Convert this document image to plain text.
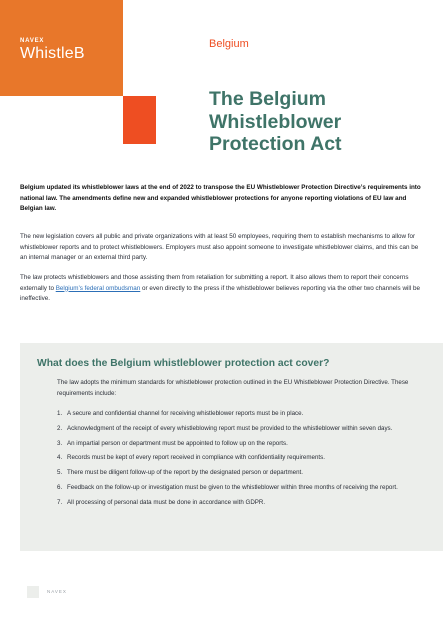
NAVEX
WhistleB
Belgium
The Belgium Whistleblower Protection Act

Belgium updated its whistleblower laws at the end of 2022 to transpose the EU Whistleblower Protection Directive’s requirements into national law. The amendments define new and expanded whistleblower protections for anyone reporting violations of EU law and Belgian law.

The new legislation covers all public and private organizations with at least 50 employees, requiring them to establish mechanisms to allow for whistleblower reports and to protect whistleblowers. Employers must also appoint someone to investigate whistleblower claims, and this can be an internal manager or an external third party.

The law protects whistleblowers and those assisting them from retaliation for submitting a report. It also allows them to report their concerns externally to Belgium’s federal ombudsman or even directly to the press if the whistleblower believes reporting via the other two channels will be ineffective.

What does the Belgium whistleblower protection act cover?

The law adopts the minimum standards for whistleblower protection outlined in the EU Whistleblower Protection Directive. These requirements include:

1. A secure and confidential channel for receiving whistleblower reports must be in place.
2. Acknowledgment of the receipt of every whistleblowing report must be provided to the whistleblower within seven days.
3. An impartial person or department must be appointed to follow up on the reports.
4. Records must be kept of every report received in compliance with confidentiality requirements.
5. There must be diligent follow-up of the report by the designated person or department.
6. Feedback on the follow-up or investigation must be given to the whistleblower within three months of receiving the report.
7. All processing of personal data must be done in accordance with GDPR.
NAVEX
